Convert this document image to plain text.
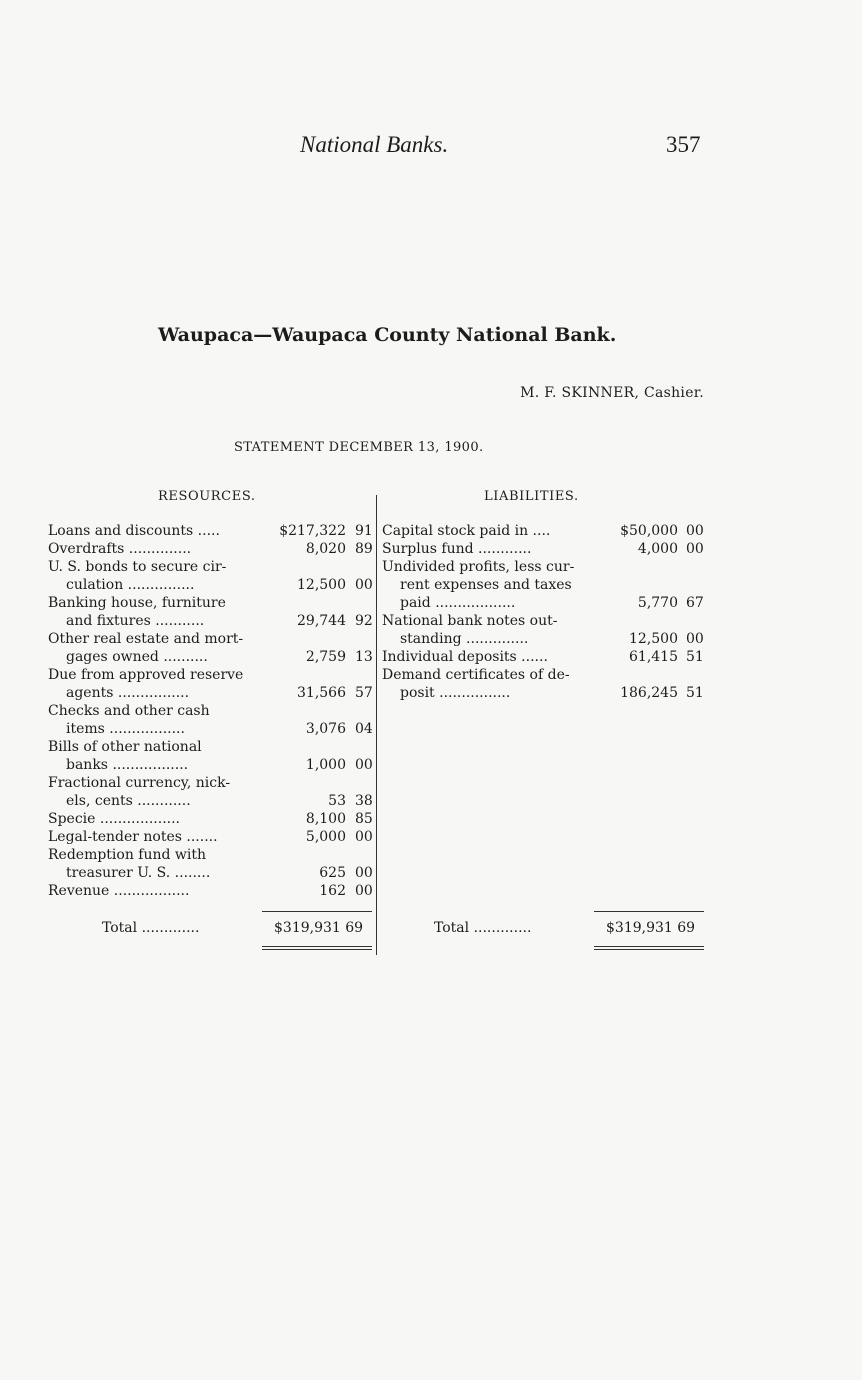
National Banks.	357
Waupaca—Waupaca County National Bank.
M. F. SKINNER, Cashier.
STATEMENT DECEMBER 13, 1900.
RESOURCES.	LIABILITIES.
Loans and discounts .....	$217,322 91
Overdrafts ..............	8,020 89
U. S. bonds to secure cir-
culation ...............	12,500 00
Banking house, furniture
and fixtures ...........	29,744 92
Other real estate and mort-
gages owned ..........	2,759 13
Due from approved reserve
agents ................	31,566 57
Checks and other cash
items .................	3,076 04
Bills of other national
banks .................	1,000 00
Fractional currency, nick-
els, cents ............	53 38
Specie ..................	8,100 85
Legal-tender notes .......	5,000 00
Redemption fund with
treasurer U. S. ........	625 00
Revenue .................	162 00
Capital stock paid in ....	$50,000 00
Surplus fund ............	4,000 00
Undivided profits, less cur-
rent expenses and taxes
paid ..................	5,770 67
National bank notes out-
standing ..............	12,500 00
Individual deposits ......	61,415 51
Demand certificates of de-
posit ................	186,245 51
Total .............	$319,931 69	Total .............	$319,931 69
